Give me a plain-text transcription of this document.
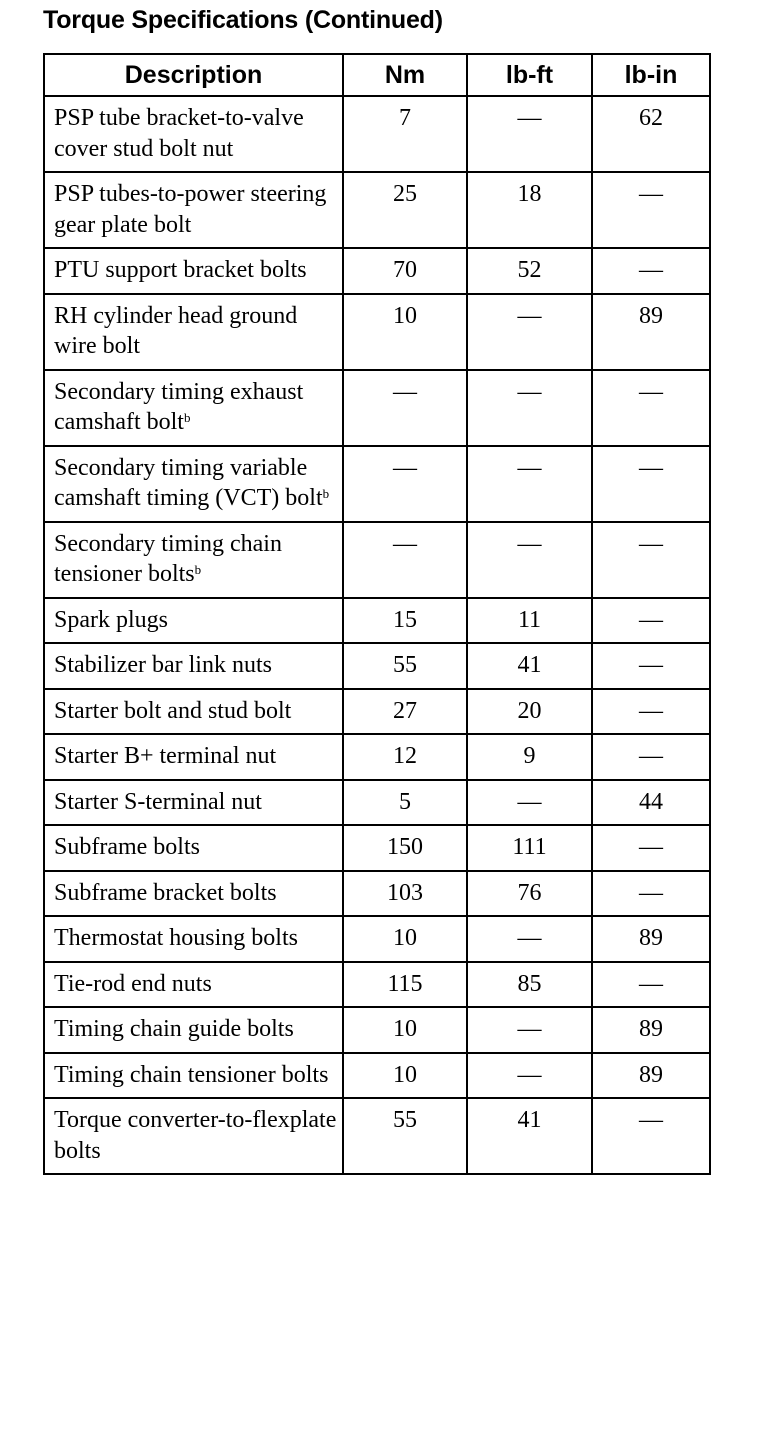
Torque Specifications (Continued)
Description	Nm	lb-ft	lb-in
PSP tube bracket-to-valve cover stud bolt nut	7	—	62
PSP tubes-to-power steering gear plate bolt	25	18	—
PTU support bracket bolts	70	52	—
RH cylinder head ground wire bolt	10	—	89
Secondary timing exhaust camshaft bolt$^b$	—	—	—
Secondary timing variable camshaft timing (VCT) bolt$^b$	—	—	—
Secondary timing chain tensioner bolts$^b$	—	—	—
Spark plugs	15	11	—
Stabilizer bar link nuts	55	41	—
Starter bolt and stud bolt	27	20	—
Starter B+ terminal nut	12	9	—
Starter S-terminal nut	5	—	44
Subframe bolts	150	111	—
Subframe bracket bolts	103	76	—
Thermostat housing bolts	10	—	89
Tie-rod end nuts	115	85	—
Timing chain guide bolts	10	—	89
Timing chain tensioner bolts	10	—	89
Torque converter-to-flexplate bolts	55	41	—
